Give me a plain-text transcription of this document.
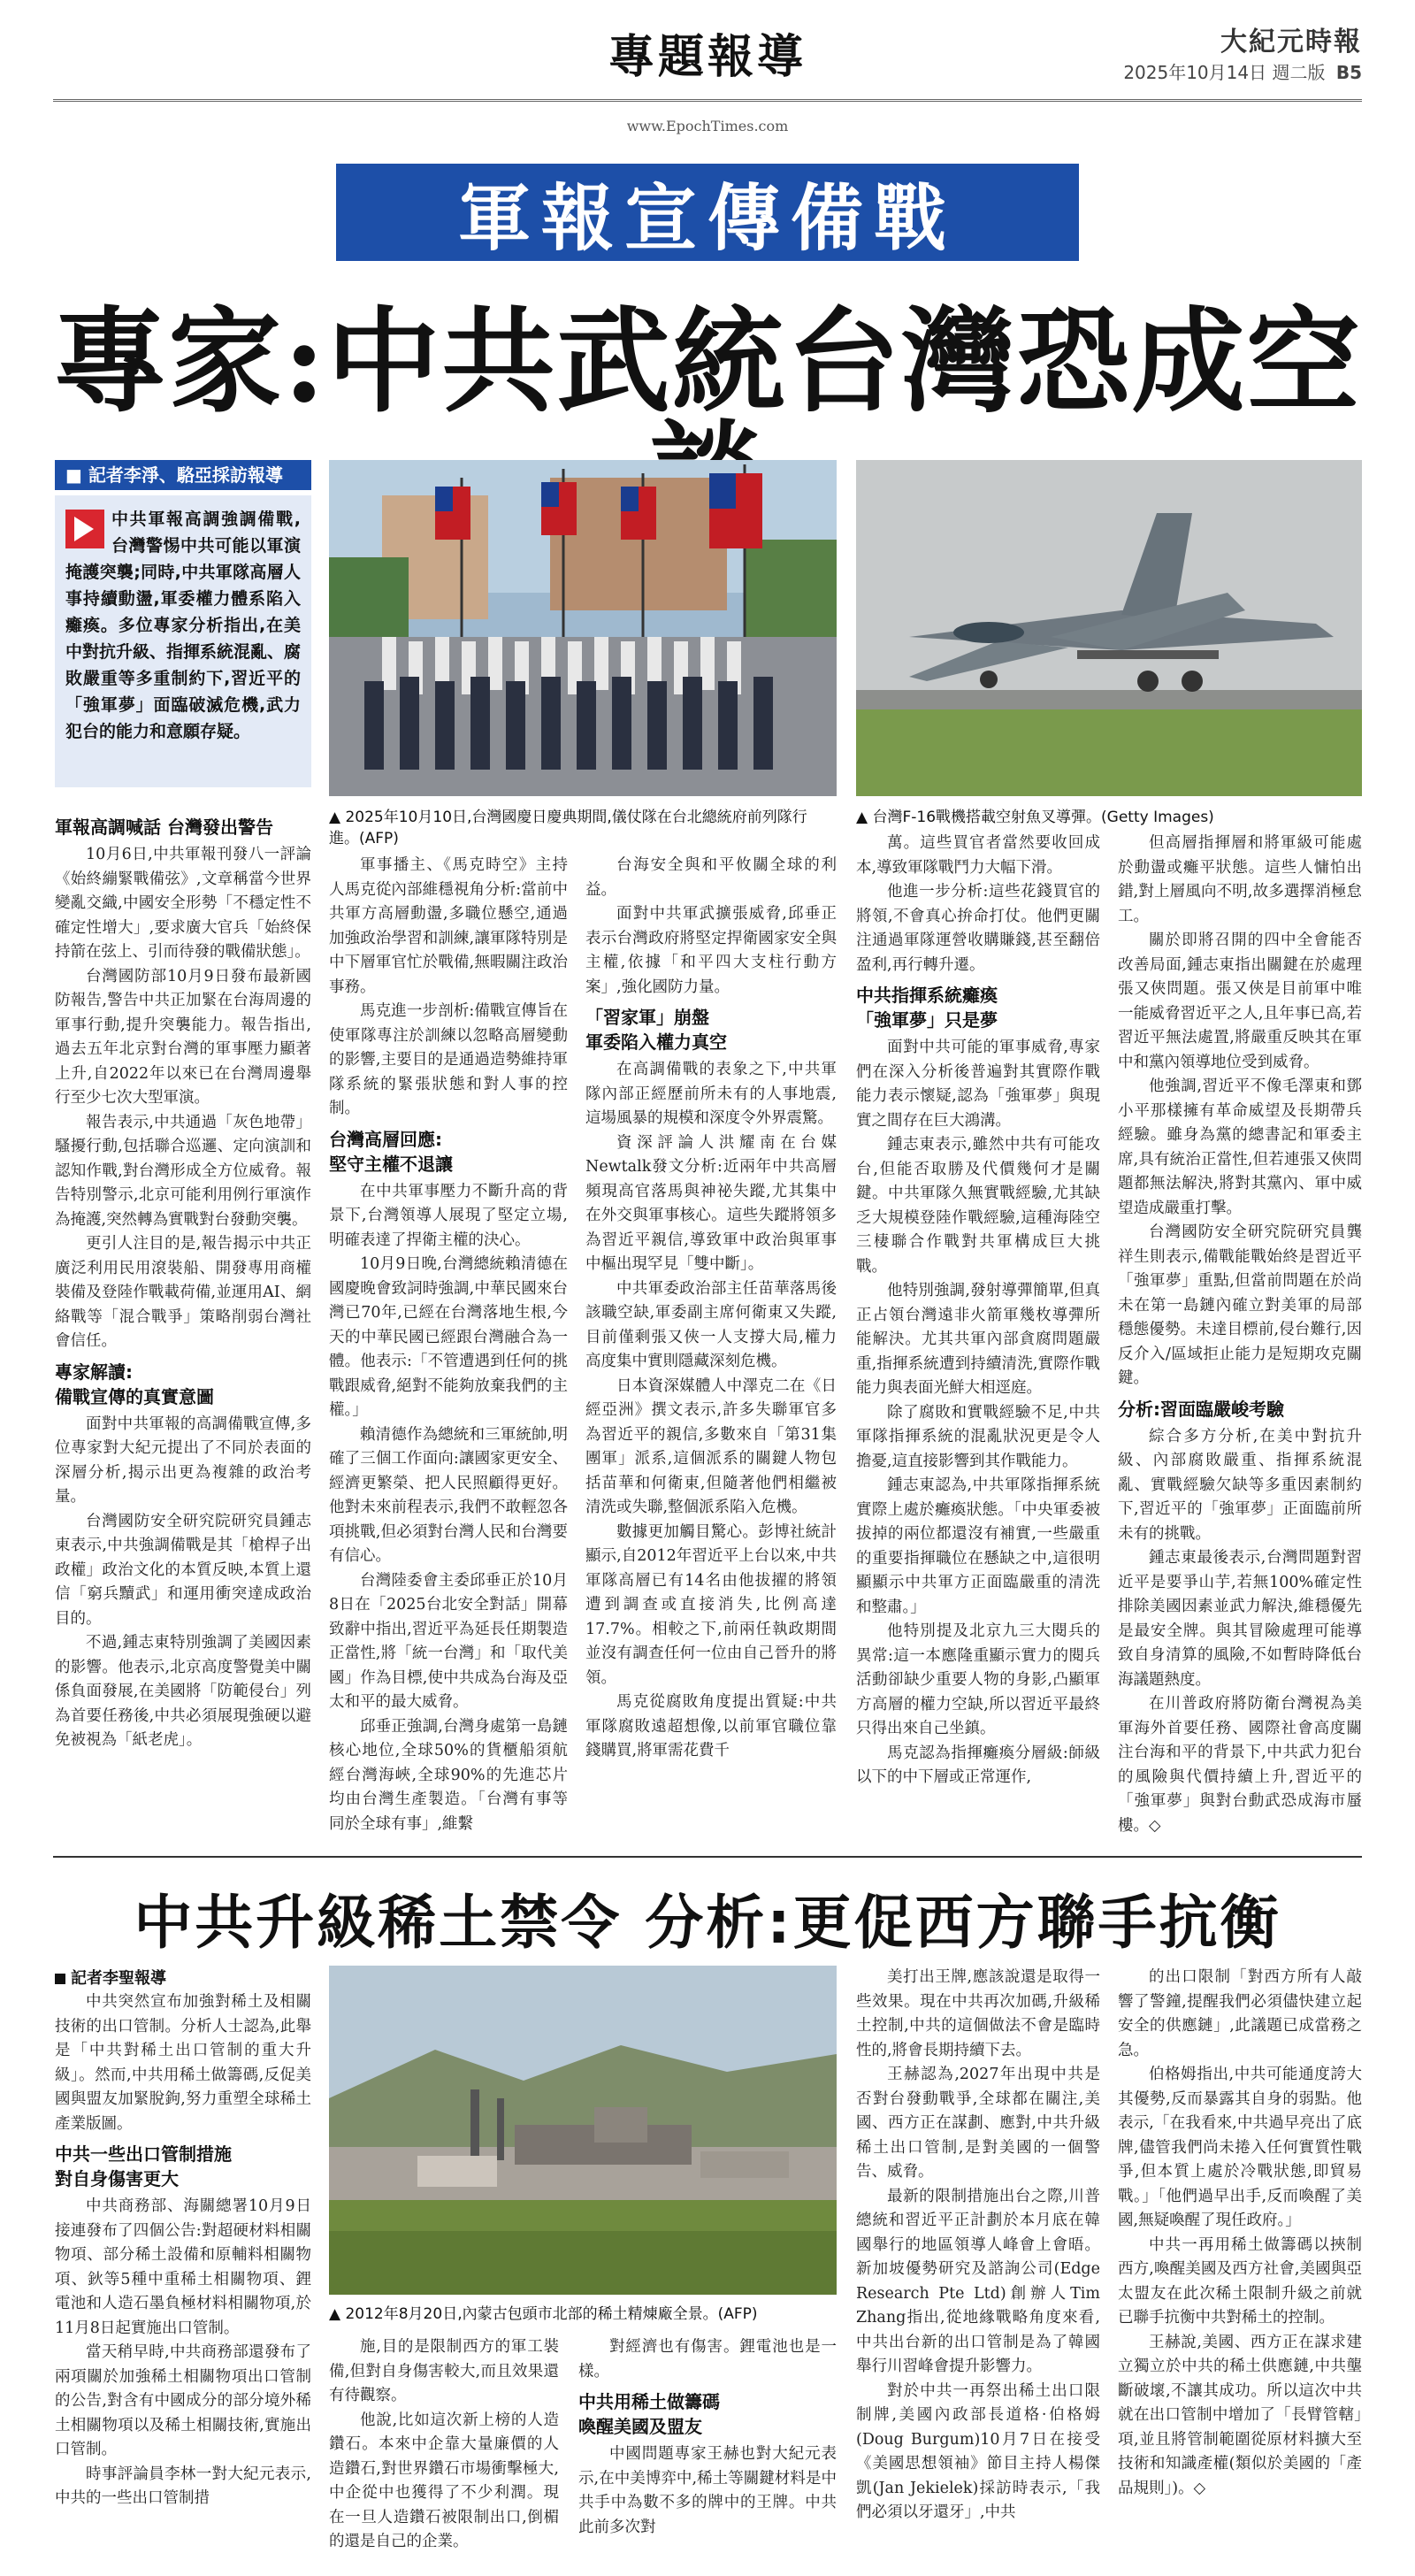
專題報導	大紀元時報
2025年10月14日 週二版 B5
www.EpochTimes.com
軍報宣傳備戰
專家:中共武統台灣恐成空
■ 記者李淨、駱亞採訪報導

中共軍報高調強調備戰,台灣警惕中共可能以軍演掩護突襲;同時,中共軍隊高層人事持續動盪,軍委權力體系陷入癱瘓。多位專家分析指出,在美中對抗升級、指揮系統混亂、腐敗嚴重等多重制約下,習近平的「強軍夢」面臨破滅危機,武力犯台的能力和意願存疑。

▲ 2025年10月10日,台灣國慶日慶典期間,儀仗隊在台北總統府前列隊行進。(AFP)
▲ 台灣F-16戰機搭載空射魚叉導彈。(Getty Images)
軍報高調喊話 台灣發出警告

10月6日,中共軍報刊發八一評論《始終繃緊戰備弦》,文章稱當今世界變亂交織,中國安全形勢「不穩定性不確定性增大」,要求廣大官兵「始終保持箭在弦上、引而待發的戰備狀態」。

台灣國防部10月9日發布最新國防報告,警告中共正加緊在台海周邊的軍事行動,提升突襲能力。報告指出,過去五年北京對台灣的軍事壓力顯著上升,自2022年以來已在台灣周邊舉行至少七次大型軍演。

報告表示,中共通過「灰色地帶」騷擾行動,包括聯合巡邏、定向演訓和認知作戰,對台灣形成全方位威脅。報告特別警示,北京可能利用例行軍演作為掩護,突然轉為實戰對台發動突襲。

更引人注目的是,報告揭示中共正廣泛利用民用滾裝船、開發專用商權裝備及登陸作戰載荷備,並運用AI、網絡戰等「混合戰爭」策略削弱台灣社會信任。

專家解讀:
備戰宣傳的真實意圖

面對中共軍報的高調備戰宣傳,多位專家對大紀元提出了不同於表面的深層分析,揭示出更為複雜的政治考量。

台灣國防安全研究院研究員鍾志東表示,中共強調備戰是其「槍桿子出政權」政治文化的本質反映,本質上還信「窮兵黷武」和運用衝突達成政治目的。

不過,鍾志東特別強調了美國因素的影響。他表示,北京高度警覺美中關係負面發展,在美國將「防範侵台」列為首要任務後,中共必須展現強硬以避免被視為「紙老虎」。

軍事播主、《馬克時空》主持人馬克從內部維穩視角分析:當前中共軍方高層動盪,多職位懸空,通過加強政治學習和訓練,讓軍隊特別是中下層軍官忙於戰備,無暇關注政治事務。

馬克進一步剖析:備戰宣傳旨在使軍隊專注於訓練以忽略高層變動的影響,主要目的是通過造勢維持軍隊系統的緊張狀態和對人事的控制。

台灣高層回應:
堅守主權不退讓

在中共軍事壓力不斷升高的背景下,台灣領導人展現了堅定立場,明確表達了捍衛主權的決心。

10月9日晚,台灣總統賴清德在國慶晚會致詞時強調,中華民國來台灣已70年,已經在台灣落地生根,今天的中華民國已經跟台灣融合為一體。他表示:「不管遭遇到任何的挑戰跟威脅,絕對不能夠放棄我們的主權。」

賴清德作為總統和三軍統帥,明確了三個工作面向:讓國家更安全、經濟更繁榮、把人民照顧得更好。他對未來前程表示,我們不敢輕忽各項挑戰,但必須對台灣人民和台灣要有信心。

台灣陸委會主委邱垂正於10月8日在「2025台北安全對話」開幕致辭中指出,習近平為延長任期製造正當性,將「統一台灣」和「取代美國」作為目標,使中共成為台海及亞太和平的最大威脅。

邱垂正強調,台灣身處第一島鏈核心地位,全球50%的貨櫃船須航經台灣海峽,全球90%的先進芯片均由台灣生產製造。「台灣有事等同於全球有事」,維繫

台海安全與和平攸關全球的利益。

面對中共軍武擴張威脅,邱垂正表示台灣政府將堅定捍衛國家安全與主權,依據「和平四大支柱行動方案」,強化國防力量。

「習家軍」崩盤
軍委陷入權力真空

在高調備戰的表象之下,中共軍隊內部正經歷前所未有的人事地震,這場風暴的規模和深度令外界震驚。

資深評論人洪耀南在台媒Newtalk發文分析:近兩年中共高層頻現高官落馬與神祕失蹤,尤其集中在外交與軍事核心。這些失蹤將領多為習近平親信,導致軍中政治與軍事中樞出現罕見「雙中斷」。

中共軍委政治部主任苗華落馬後該職空缺,軍委副主席何衛東又失蹤,目前僅剩張又俠一人支撐大局,權力高度集中實則隱藏深刻危機。

日本資深媒體人中澤克二在《日經亞洲》撰文表示,許多失聯軍官多為習近平的親信,多數來自「第31集團軍」派系,這個派系的關鍵人物包括苗華和何衛東,但隨著他們相繼被清洗或失聯,整個派系陷入危機。

數據更加觸目驚心。彭博社統計顯示,自2012年習近平上台以來,中共軍隊高層已有14名由他拔擢的將領遭到調查或直接消失,比例高達17.7%。相較之下,前兩任執政期間並沒有調查任何一位由自己晉升的將領。

馬克從腐敗角度提出質疑:中共軍隊腐敗遠超想像,以前軍官職位靠錢購買,將軍需花費千

萬。這些買官者當然要收回成本,導致軍隊戰鬥力大幅下滑。

他進一步分析:這些花錢買官的將領,不會真心拚命打仗。他們更關注通過軍隊運營收購賺錢,甚至翻倍盈利,再行轉升遷。

中共指揮系統癱瘓
「強軍夢」只是夢

面對中共可能的軍事威脅,專家們在深入分析後普遍對其實際作戰能力表示懷疑,認為「強軍夢」與現實之間存在巨大鴻溝。

鍾志東表示,雖然中共有可能攻台,但能否取勝及代價幾何才是關鍵。中共軍隊久無實戰經驗,尤其缺乏大規模登陸作戰經驗,這種海陸空三棲聯合作戰對共軍構成巨大挑戰。

他特別強調,發射導彈簡單,但真正占領台灣遠非火箭軍幾枚導彈所能解決。尤其共軍內部貪腐問題嚴重,指揮系統遭到持續清洗,實際作戰能力與表面光鮮大相逕庭。

除了腐敗和實戰經驗不足,中共軍隊指揮系統的混亂狀況更是令人擔憂,這直接影響到其作戰能力。

鍾志東認為,中共軍隊指揮系統實際上處於癱瘓狀態。「中央軍委被拔掉的兩位都還沒有補實,一些嚴重的重要指揮職位在懸缺之中,這很明顯顯示中共軍方正面臨嚴重的清洗和整肅。」

他特別提及北京九三大閱兵的異常:這一本應隆重顯示實力的閱兵活動卻缺少重要人物的身影,凸顯軍方高層的權力空缺,所以習近平最終只得出來自己坐鎮。

馬克認為指揮癱瘓分層級:師級以下的中下層或正常運作,

但高層指揮層和將軍級可能處於動盪或癱平狀態。這些人慵怕出錯,對上層風向不明,故多選擇消極怠工。

關於即將召開的四中全會能否改善局面,鍾志東指出關鍵在於處理張又俠問題。張又俠是目前軍中唯一能威脅習近平之人,且年事已高,若習近平無法處置,將嚴重反映其在軍中和黨內領導地位受到威脅。

他強調,習近平不像毛澤東和鄧小平那樣擁有革命威望及長期帶兵經驗。雖身為黨的總書記和軍委主席,具有統治正當性,但若連張又俠問題都無法解決,將對其黨內、軍中威望造成嚴重打擊。

台灣國防安全研究院研究員龔祥生則表示,備戰能戰始終是習近平「強軍夢」重點,但當前問題在於尚未在第一島鏈內確立對美軍的局部穩態優勢。未達目標前,侵台難行,因反介入/區域拒止能力是短期攻克關鍵。

分析:習面臨嚴峻考驗

綜合多方分析,在美中對抗升級、內部腐敗嚴重、指揮系統混亂、實戰經驗欠缺等多重因素制約下,習近平的「強軍夢」正面臨前所未有的挑戰。

鍾志東最後表示,台灣問題對習近平是要爭山芋,若無100%確定性排除美國因素並武力解決,維穩優先是最安全牌。與其冒險處理可能導致自身清算的風險,不如暫時降低台海議題熱度。

在川普政府將防衛台灣視為美軍海外首要任務、國際社會高度關注台海和平的背景下,中共武力犯台的風險與代價持續上升,習近平的「強軍夢」與對台動武恐成海市蜃樓。◇

中共升級稀土禁令 分析:更促西方聯手抗衡
記者李聖報導

中共突然宣布加強對稀土及相關技術的出口管制。分析人士認為,此舉是「中共對稀土出口管制的重大升級」。然而,中共用稀土做籌碼,反促美國與盟友加緊脫鉤,努力重塑全球稀土產業版圖。

中共一些出口管制措施
對自身傷害更大

中共商務部、海關總署10月9日接連發布了四個公告:對超硬材料相關物項、部分稀土設備和原輔料相關物項、鈥等5種中重稀土相關物項、鋰電池和人造石墨負極材料相關物項,於11月8日起實施出口管制。

當天稍早時,中共商務部還發布了兩項關於加強稀土相關物項出口管制的公告,對含有中國成分的部分境外稀土相關物項以及稀土相關技術,實施出口管制。

時事評論員李林一對大紀元表示,中共的一些出口管制措

▲ 2012年8月20日,內蒙古包頭市北部的稀土精煉廠全景。(AFP)

施,目的是限制西方的軍工裝備,但對自身傷害較大,而且效果還有待觀察。

他說,比如這次新上榜的人造鑽石。本來中企靠大量廉價的人造鑽石,對世界鑽石市場衝擊極大,中企從中也獲得了不少利潤。現在一旦人造鑽石被限制出口,倒楣的還是自己的企業。

對經濟也有傷害。鋰電池也是一樣。

中共用稀土做籌碼
喚醒美國及盟友

中國問題專家王赫也對大紀元表示,在中美博弈中,稀土等關鍵材料是中共手中為數不多的牌中的王牌。中共此前多次對

美打出王牌,應該說還是取得一些效果。現在中共再次加碼,升級稀土控制,中共的這個做法不會是臨時性的,將會長期持續下去。

王赫認為,2027年出現中共是否對台發動戰爭,全球都在關注,美國、西方正在謀劃、應對,中共升級稀土出口管制,是對美國的一個警告、威脅。

最新的限制措施出台之際,川普總統和習近平正計劃於本月底在韓國舉行的地區領導人峰會上會晤。新加坡優勢研究及諮詢公司(Edge Research Pte Ltd)創辦人Tim Zhang指出,從地緣戰略角度來看,中共出台新的出口管制是為了韓國舉行川習峰會提升影響力。

對於中共一再祭出稀土出口限制牌,美國內政部長道格·伯格姆(Doug Burgum)10月7日在接受《美國思想領袖》節目主持人楊傑凱(Jan Jekielek)採訪時表示,「我們必須以牙還牙」,中共

的出口限制「對西方所有人敲響了警鐘,提醒我們必須儘快建立起安全的供應鏈」,此議題已成當務之急。

伯格姆指出,中共可能通度誇大其優勢,反而暴露其自身的弱點。他表示,「在我看來,中共過早亮出了底牌,儘管我們尚未捲入任何實質性戰爭,但本質上處於冷戰狀態,即貿易戰。」「他們過早出手,反而喚醒了美國,無疑喚醒了現任政府。」

中共一再用稀土做籌碼以挾制西方,喚醒美國及西方社會,美國與亞太盟友在此次稀土限制升級之前就已聯手抗衡中共對稀土的控制。

王赫說,美國、西方正在謀求建立獨立於中共的稀土供應鏈,中共壟斷破壞,不讓其成功。所以這次中共就在出口管制中增加了「長臂管轄」項,並且將管制範圍從原材料擴大至技術和知識產權(類似於美國的「產品規則」)。◇
